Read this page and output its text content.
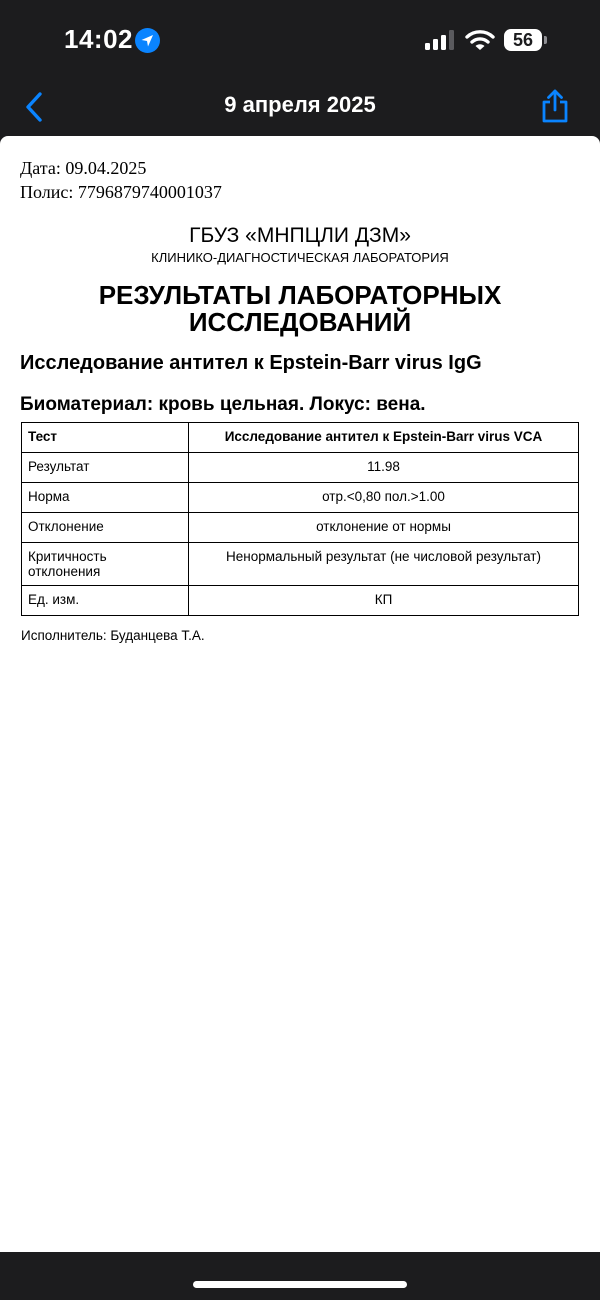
14:02	56
9 апреля 2025
Дата: 09.04.2025
Полис: 7796879740001037
ГБУЗ «МНПЦЛИ ДЗМ»
КЛИНИКО-ДИАГНОСТИЧЕСКАЯ ЛАБОРАТОРИЯ
РЕЗУЛЬТАТЫ ЛАБОРАТОРНЫХ
ИССЛЕДОВАНИЙ
Исследование антител к Epstein-Barr virus IgG
Биоматериал: кровь цельная. Локус: вена.
Тест	Исследование антител к Epstein-Barr virus VCA
Результат	11.98
Норма	отр.<0,80 пол.>1.00
Отклонение	отклонение от нормы

Критичность
отклонения	Ненормальный результат (не числовой результат)
Ед. изм.	КП
Исполнитель: Буданцева Т.А.
